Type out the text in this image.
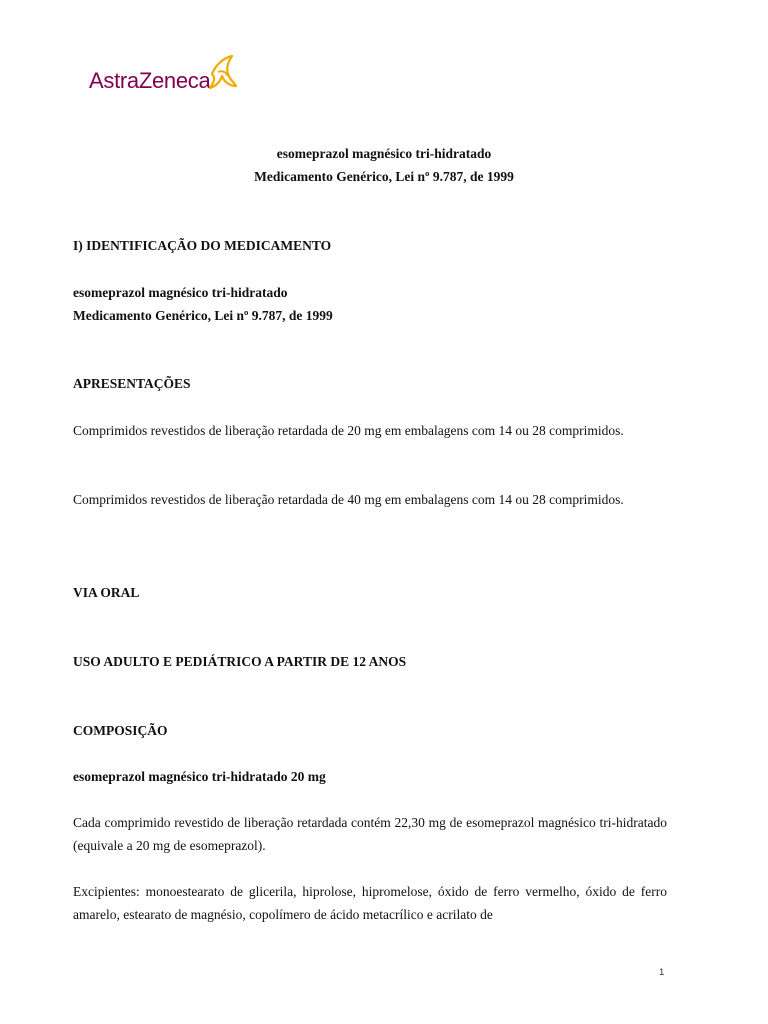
AstraZeneca
esomeprazol magnésico tri-hidratado
Medicamento Genérico, Lei nº 9.787, de 1999
I) IDENTIFICAÇÃO DO MEDICAMENTO
esomeprazol magnésico tri-hidratado
Medicamento Genérico, Lei nº 9.787, de 1999
APRESENTAÇÕES
Comprimidos revestidos de liberação retardada de 20 mg em embalagens com 14 ou 28 comprimidos.
Comprimidos revestidos de liberação retardada de 40 mg em embalagens com 14 ou 28 comprimidos.
VIA ORAL
USO ADULTO E PEDIÁTRICO A PARTIR DE 12 ANOS
COMPOSIÇÃO
esomeprazol magnésico tri-hidratado 20 mg
Cada comprimido revestido de liberação retardada contém 22,30 mg de esomeprazol magnésico tri-hidratado (equivale a 20 mg de esomeprazol).
Excipientes: monoestearato de glicerila, hiprolose, hipromelose, óxido de ferro vermelho, óxido de ferro amarelo, estearato de magnésio, copolímero de ácido metacrílico e acrilato de
1
